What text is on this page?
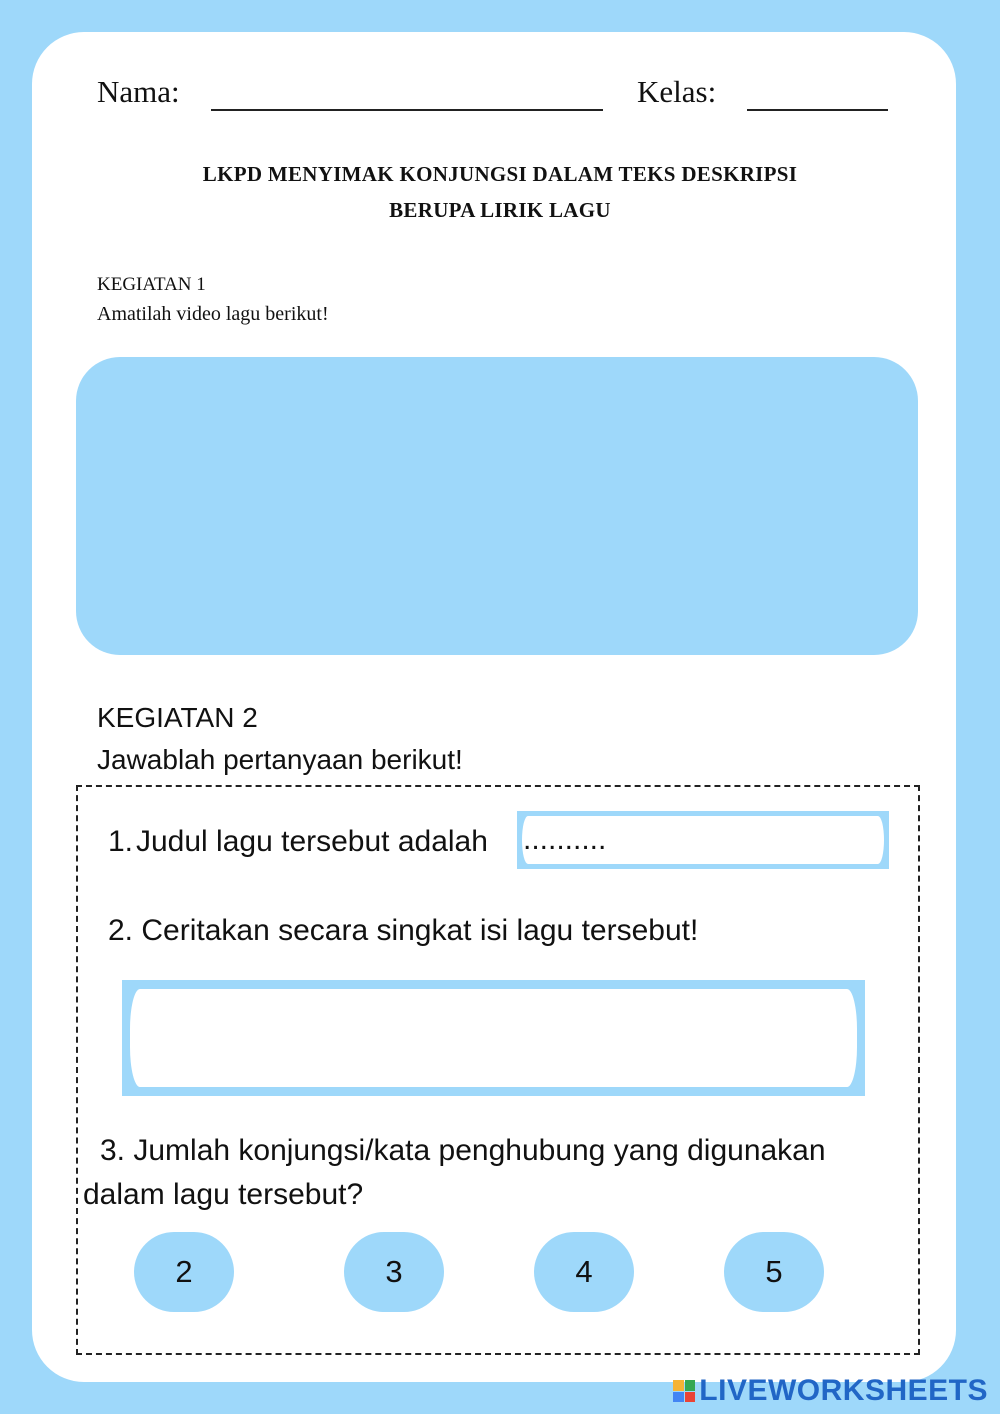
Nama:	Kelas:
LKPD MENYIMAK KONJUNGSI DALAM TEKS DESKRIPSI
BERUPA LIRIK LAGU
KEGIATAN 1
Amatilah video lagu berikut!
KEGIATAN 2
Jawablah pertanyaan berikut!
1. Judul lagu tersebut adalah ..........
2. Ceritakan secara singkat isi lagu tersebut!
3. Jumlah konjungsi/kata penghubung yang digunakan
dalam lagu tersebut?
2	3	4	5
LIVEWORKSHEETS
